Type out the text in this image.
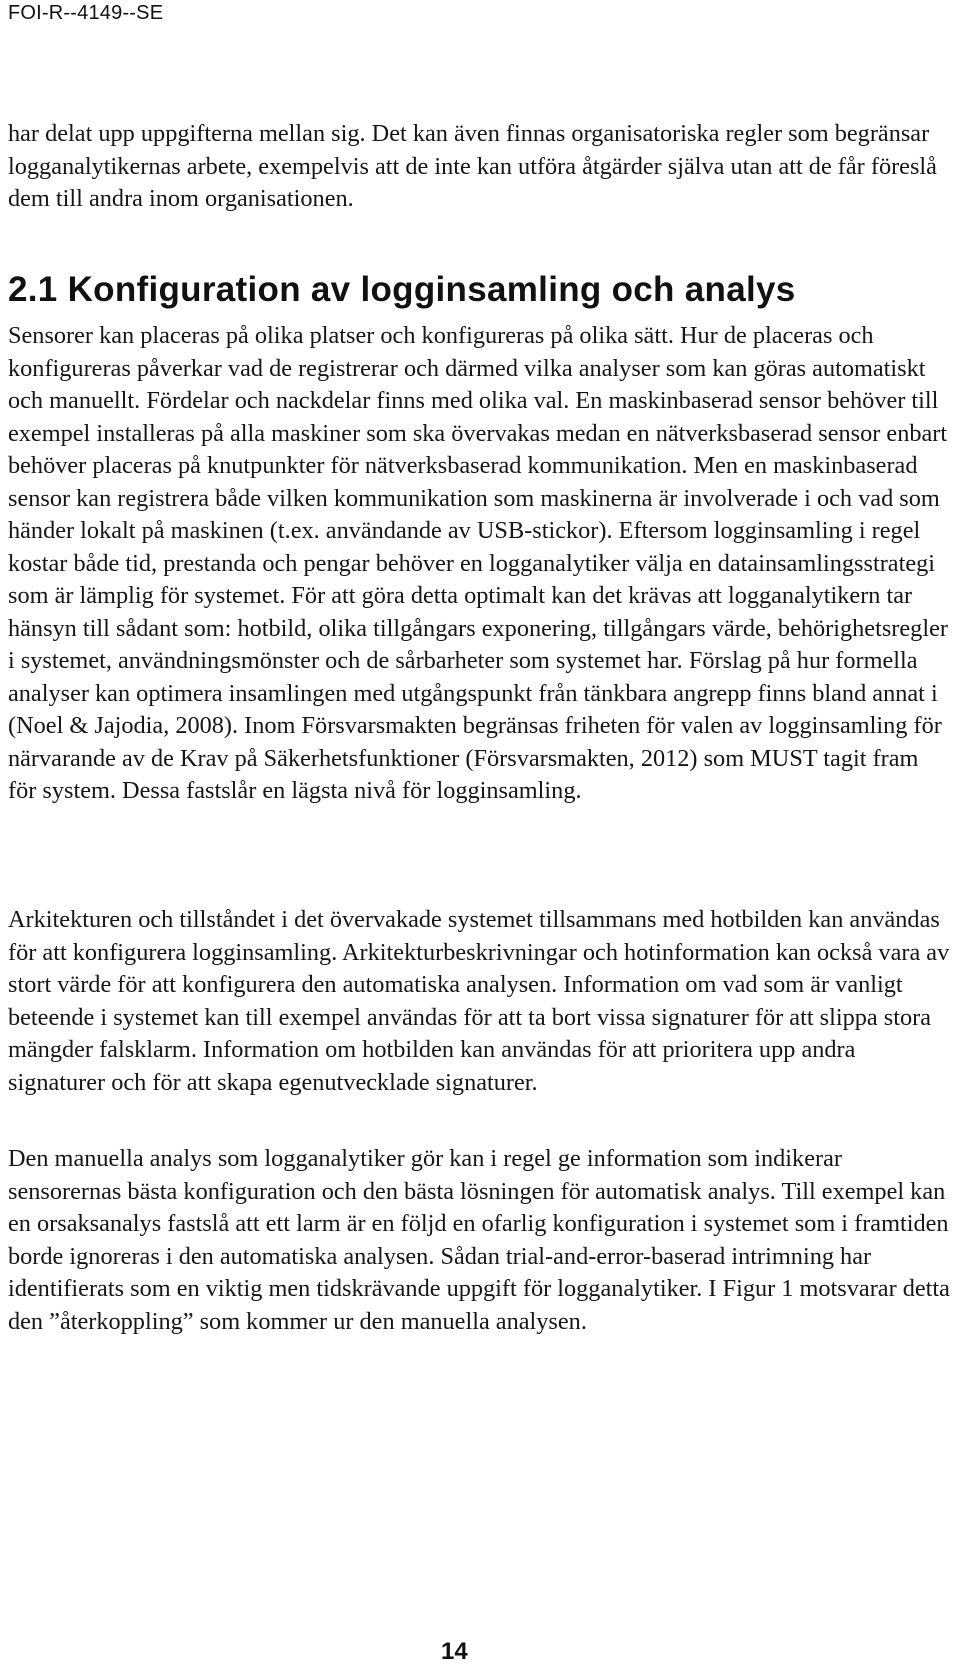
FOI-R--4149--SE

har delat upp uppgifterna mellan sig. Det kan även finnas organisatoriska regler som begränsar logganalytikernas arbete, exempelvis att de inte kan utföra åtgärder själva utan att de får föreslå dem till andra inom organisationen.

2.1 Konfiguration av logginsamling och analys

Sensorer kan placeras på olika platser och konfigureras på olika sätt. Hur de placeras och konfigureras påverkar vad de registrerar och därmed vilka analyser som kan göras automatiskt och manuellt. Fördelar och nackdelar finns med olika val. En maskinbaserad sensor behöver till exempel installeras på alla maskiner som ska övervakas medan en nätverksbaserad sensor enbart behöver placeras på knutpunkter för nätverksbaserad kommunikation. Men en maskinbaserad sensor kan registrera både vilken kommunikation som maskinerna är involverade i och vad som händer lokalt på maskinen (t.ex. användande av USB-stickor). Eftersom logginsamling i regel kostar både tid, prestanda och pengar behöver en logganalytiker välja en datainsamlingsstrategi som är lämplig för systemet. För att göra detta optimalt kan det krävas att logganalytikern tar hänsyn till sådant som: hotbild, olika tillgångars exponering, tillgångars värde, behörighetsregler i systemet, användningsmönster och de sårbarheter som systemet har. Förslag på hur formella analyser kan optimera insamlingen med utgångspunkt från tänkbara angrepp finns bland annat i (Noel & Jajodia, 2008). Inom Försvarsmakten begränsas friheten för valen av logginsamling för närvarande av de Krav på Säkerhetsfunktioner (Försvarsmakten, 2012) som MUST tagit fram för system. Dessa fastslår en lägsta nivå för logginsamling.

Arkitekturen och tillståndet i det övervakade systemet tillsammans med hotbilden kan användas för att konfigurera logginsamling. Arkitekturbeskrivningar och hotinformation kan också vara av stort värde för att konfigurera den automatiska analysen. Information om vad som är vanligt beteende i systemet kan till exempel användas för att ta bort vissa signaturer för att slippa stora mängder falsklarm. Information om hotbilden kan användas för att prioritera upp andra signaturer och för att skapa egenutvecklade signaturer.

Den manuella analys som logganalytiker gör kan i regel ge information som indikerar sensorernas bästa konfiguration och den bästa lösningen för automatisk analys. Till exempel kan en orsaksanalys fastslå att ett larm är en följd en ofarlig konfiguration i systemet som i framtiden borde ignoreras i den automatiska analysen. Sådan trial-and-error-baserad intrimning har identifierats som en viktig men tidskrävande uppgift för logganalytiker. I Figur 1 motsvarar detta den ”återkoppling” som kommer ur den manuella analysen.

14
